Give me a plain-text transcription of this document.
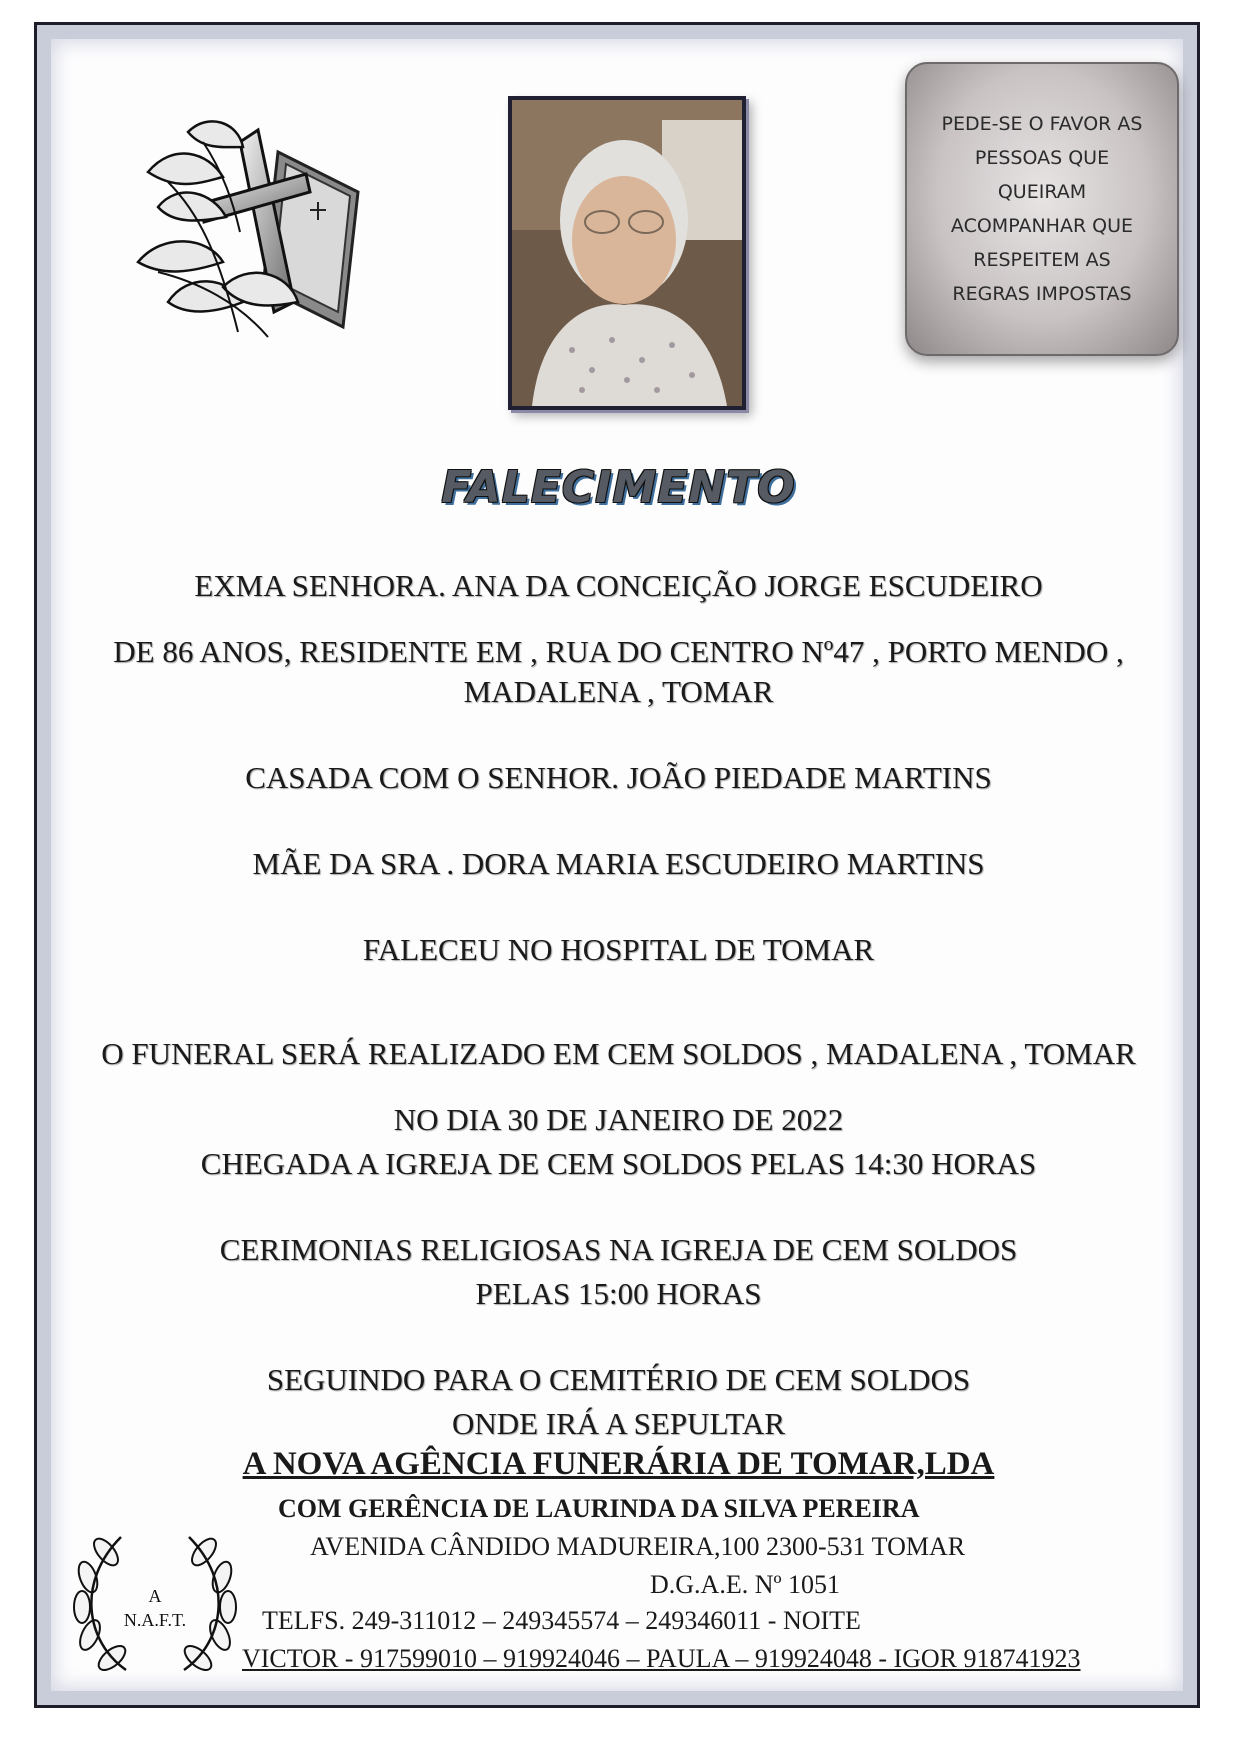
PEDE-SE O FAVOR AS
PESSOAS QUE
QUEIRAM
ACOMPANHAR QUE
RESPEITEM AS
REGRAS IMPOSTAS
FALECIMENTO
EXMA SENHORA. ANA DA CONCEIÇÃO JORGE ESCUDEIRO
DE 86 ANOS, RESIDENTE EM , RUA DO CENTRO Nº47 , PORTO MENDO ,
MADALENA , TOMAR
CASADA COM O SENHOR. JOÃO PIEDADE MARTINS
MÃE DA SRA . DORA MARIA ESCUDEIRO MARTINS
FALECEU NO HOSPITAL DE TOMAR
O FUNERAL SERÁ REALIZADO EM CEM SOLDOS , MADALENA , TOMAR
NO DIA 30 DE JANEIRO DE 2022
CHEGADA A IGREJA DE CEM SOLDOS PELAS 14:30 HORAS
CERIMONIAS RELIGIOSAS NA IGREJA DE CEM SOLDOS
PELAS 15:00 HORAS
SEGUINDO PARA O CEMITÉRIO DE CEM SOLDOS
ONDE IRÁ A SEPULTAR
A NOVA AGÊNCIA FUNERÁRIA DE TOMAR,LDA
COM GERÊNCIA DE LAURINDA DA SILVA PEREIRA
AVENIDA CÂNDIDO MADUREIRA,100 2300-531 TOMAR
D.G.A.E. Nº 1051
TELFS. 249-311012 – 249345574 – 249346011 - NOITE
VICTOR - 917599010 – 919924046 – PAULA – 919924048 - IGOR 918741923
A
N.A.F.T.
